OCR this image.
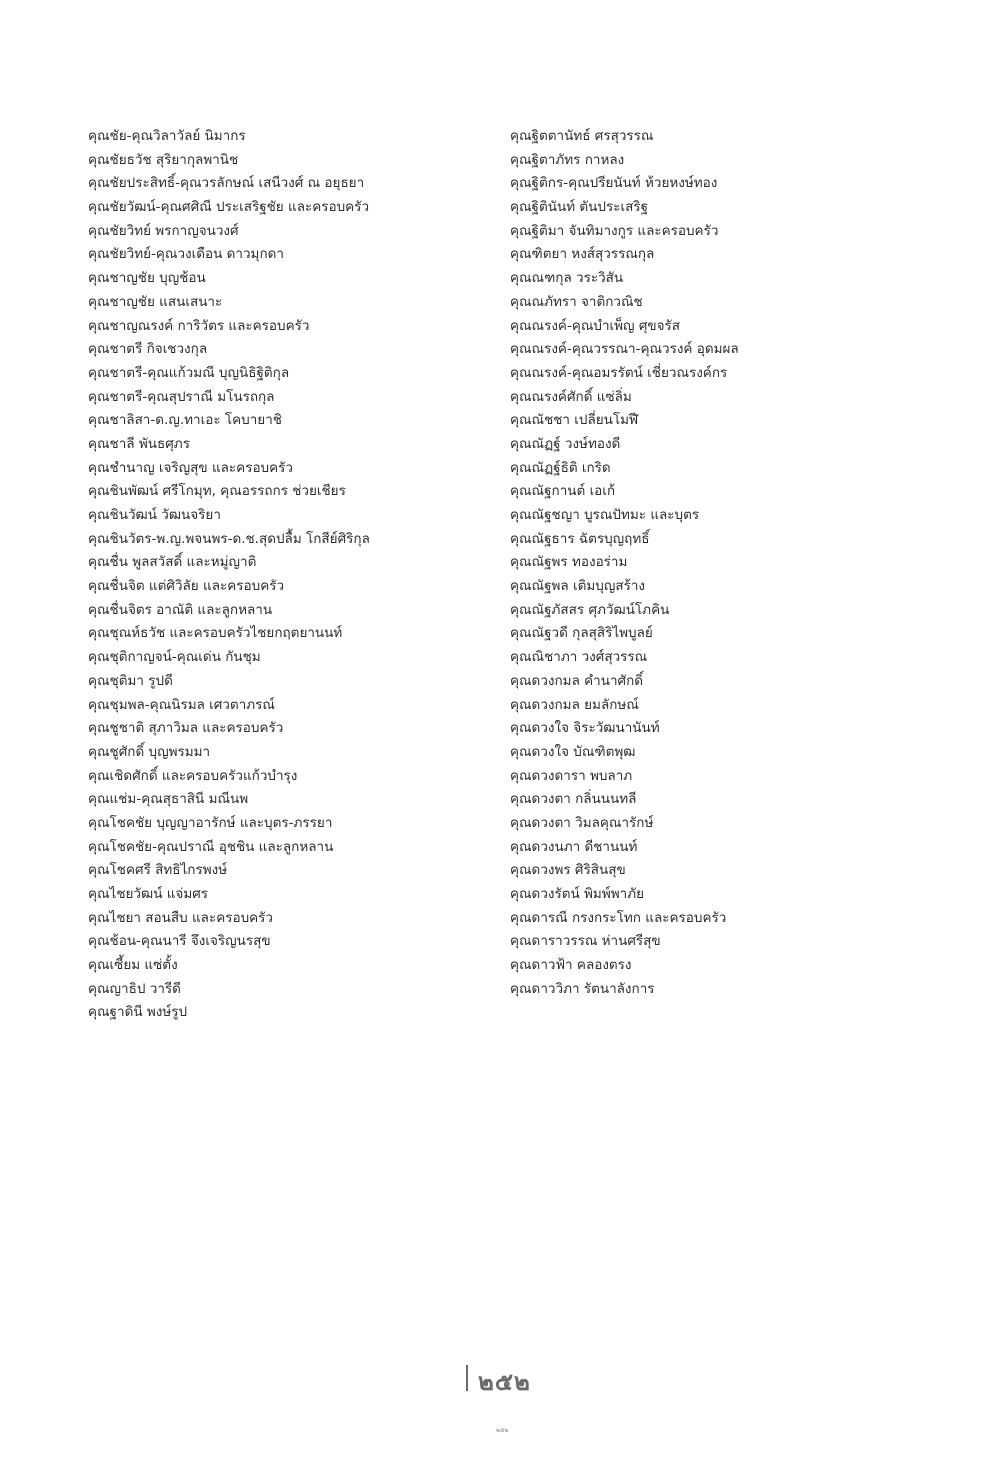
คุณชัย-คุณวิลาวัลย์ นิมากร
คุณชัยธวัช สุริยากุลพานิช
คุณชัยประสิทธิ์-คุณวรลักษณ์ เสนีวงศ์ ณ อยุธยา
คุณชัยวัฒน์-คุณศศิณี ประเสริฐชัย และครอบครัว
คุณชัยวิทย์ พรกาญจนวงศ์
คุณชัยวิทย์-คุณวงเดือน ดาวมุกดา
คุณชาญชัย บุญช้อน
คุณชาญชัย แสนเสนาะ
คุณชาญณรงค์ การิวัตร และครอบครัว
คุณชาตรี กิจเชวงกุล
คุณชาตรี-คุณแก้วมณี บุญนิธิฐิติกุล
คุณชาตรี-คุณสุปราณี มโนรถกุล
คุณชาลิสา-ด.ญ.ทาเอะ โคบายาชิ
คุณชาลี พันธศุภร
คุณชำนาญ เจริญสุข และครอบครัว
คุณชินพัฒน์ ศรีโกมุท, คุณอรรถกร ช่วยเชียร
คุณชินวัฒน์ วัฒนจริยา
คุณชินวัตร-พ.ญ.พจนพร-ด.ช.สุดปลื้ม โกสีย์ศิริกุล
คุณชื่น พูลสวัสดิ์ และหมู่ญาติ
คุณชื่นจิต แต่ศิวิลัย และครอบครัว
คุณชื่นจิตร อาณัติ และลูกหลาน
คุณชุณห์ธวัช และครอบครัวไชยกฤตยานนท์
คุณชุติกาญจน์-คุณเด่น กันชุม
คุณชุติมา รูปดี
คุณชุมพล-คุณนิรมล เศวตาภรณ์
คุณชูชาติ สุภาวิมล และครอบครัว
คุณชูศักดิ์ บุญพรมมา
คุณเชิดศักดิ์ และครอบครัวแก้วบำรุง
คุณแช่ม-คุณสุธาสินี มณีนพ
คุณโชคชัย บุญญาอารักษ์ และบุตร-ภรรยา
คุณโชคชัย-คุณปราณี อุชชิน และลูกหลาน
คุณโชคศรี สิทธิไกรพงษ์
คุณไชยวัฒน์ แจ่มศร
คุณไชยา สอนสืบ และครอบครัว
คุณช้อน-คุณนารี จึงเจริญนรสุข
คุณเซี้ยม แซ่ตั้ง
คุณญาธิป วารีดี
คุณฐาดินี พงษ์รูป
คุณฐิตตานัทธ์ ศรสุวรรณ
คุณฐิตาภัทร กาหลง
คุณฐิติกร-คุณปรียนันท์ ห้วยหงษ์ทอง
คุณฐิตินันท์ ตันประเสริฐ
คุณฐิติมา จันทิมางกูร และครอบครัว
คุณฑิตยา หงส์สุวรรณกุล
คุณณฑกุล วระวิสัน
คุณณภัทรา จาติกวณิช
คุณณรงค์-คุณบำเพ็ญ ศุขจรัส
คุณณรงค์-คุณวรรณา-คุณวรงค์ อุดมผล
คุณณรงค์-คุณอมรรัตน์ เชี่ยวณรงค์กร
คุณณรงค์ศักดิ์ แซ่ลิ่ม
คุณณัชชา เปลี่ยนโมฬี
คุณณัฏฐ์ วงษ์ทองดี
คุณณัฏฐ์ธิติ เกริด
คุณณัฐกานต์ เอเก้
คุณณัฐชญา บูรณปัทมะ และบุตร
คุณณัฐธาร ฉัตรบุญฤทธิ์
คุณณัฐพร ทองอร่าม
คุณณัฐพล เติมบุญสร้าง
คุณณัฐภัสสร ศุภวัฒน์โภคิน
คุณณัฐวดี กุลสุสิริไพบูลย์
คุณณิชาภา วงศ์สุวรรณ
คุณดวงกมล คำนาศักดิ์
คุณดวงกมล ยมลักษณ์
คุณดวงใจ จิระวัฒนานันท์
คุณดวงใจ บัณฑิตพุฒ
คุณดวงดารา พบลาภ
คุณดวงตา กลิ่นนนทลี
คุณดวงตา วิมลคุณารักษ์
คุณดวงนภา ดีชานนท์
คุณดวงพร ศิริสินสุข
คุณดวงรัตน์ พิมพ์พาภัย
คุณดารณี กรงกระโทก และครอบครัว
คุณดาราวรรณ ห่านศรีสุข
คุณดาวฟ้า คลองตรง
คุณดาววิภา รัตนาลังการ
๒๕๒
๒๕๒
